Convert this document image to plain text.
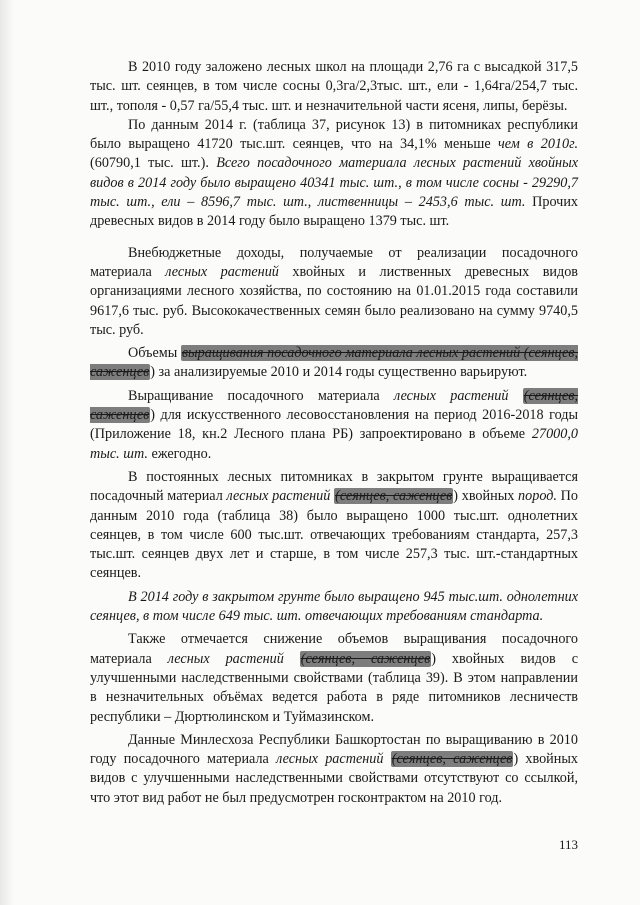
В 2010 году заложено лесных школ на площади 2,76 га с высадкой 317,5 тыс. шт. сеянцев, в том числе сосны 0,3га/2,3тыс. шт., ели - 1,64га/254,7 тыс. шт., тополя - 0,57 га/55,4 тыс. шт. и незначительной части ясеня, липы, берёзы.

По данным 2014 г. (таблица 37, рисунок 13) в питомниках республики было выращено 41720 тыс.шт. сеянцев, что на 34,1% меньше чем в 2010г. (60790,1 тыс. шт.). Всего посадочного материала лесных растений хвойных видов в 2014 году было выращено 40341 тыс. шт., в том числе сосны - 29290,7 тыс. шт., ели – 8596,7 тыс. шт., лиственницы – 2453,6 тыс. шт. Прочих древесных видов в 2014 году было выращено 1379 тыс. шт.

Внебюджетные доходы, получаемые от реализации посадочного материала лесных растений хвойных и лиственных древесных видов организациями лесного хозяйства, по состоянию на 01.01.2015 года составили 9617,6 тыс. руб. Высококачественных семян было реализовано на сумму 9740,5 тыс. руб.

Объемы выращивания посадочного материала лесных растений (сеянцев, саженцев) за анализируемые 2010 и 2014 годы существенно варьируют.

Выращивание посадочного материала лесных растений (сеянцев, саженцев) для искусственного лесовосстановления на период 2016-2018 годы (Приложение 18, кн.2 Лесного плана РБ) запроектировано в объеме 27000,0 тыс. шт. ежегодно.

В постоянных лесных питомниках в закрытом грунте выращивается посадочный материал лесных растений (сеянцев, саженцев) хвойных пород. По данным 2010 года (таблица 38) было выращено 1000 тыс.шт. однолетних сеянцев, в том числе 600 тыс.шт. отвечающих требованиям стандарта, 257,3 тыс.шт. сеянцев двух лет и старше, в том числе 257,3 тыс. шт.-стандартных сеянцев.

В 2014 году в закрытом грунте было выращено 945 тыс.шт. однолетних сеянцев, в том числе 649 тыс. шт. отвечающих требованиям стандарта.

Также отмечается снижение объемов выращивания посадочного материала лесных растений (сеянцев, саженцев) хвойных видов с улучшенными наследственными свойствами (таблица 39). В этом направлении в незначительных объёмах ведется работа в ряде питомников лесничеств республики – Дюртюлинском и Туймазинском.

Данные Минлесхоза Республики Башкортостан по выращиванию в 2010 году посадочного материала лесных растений (сеянцев, саженцев) хвойных видов с улучшенными наследственными свойствами отсутствуют со ссылкой, что этот вид работ не был предусмотрен госконтрактом на 2010 год.

113
